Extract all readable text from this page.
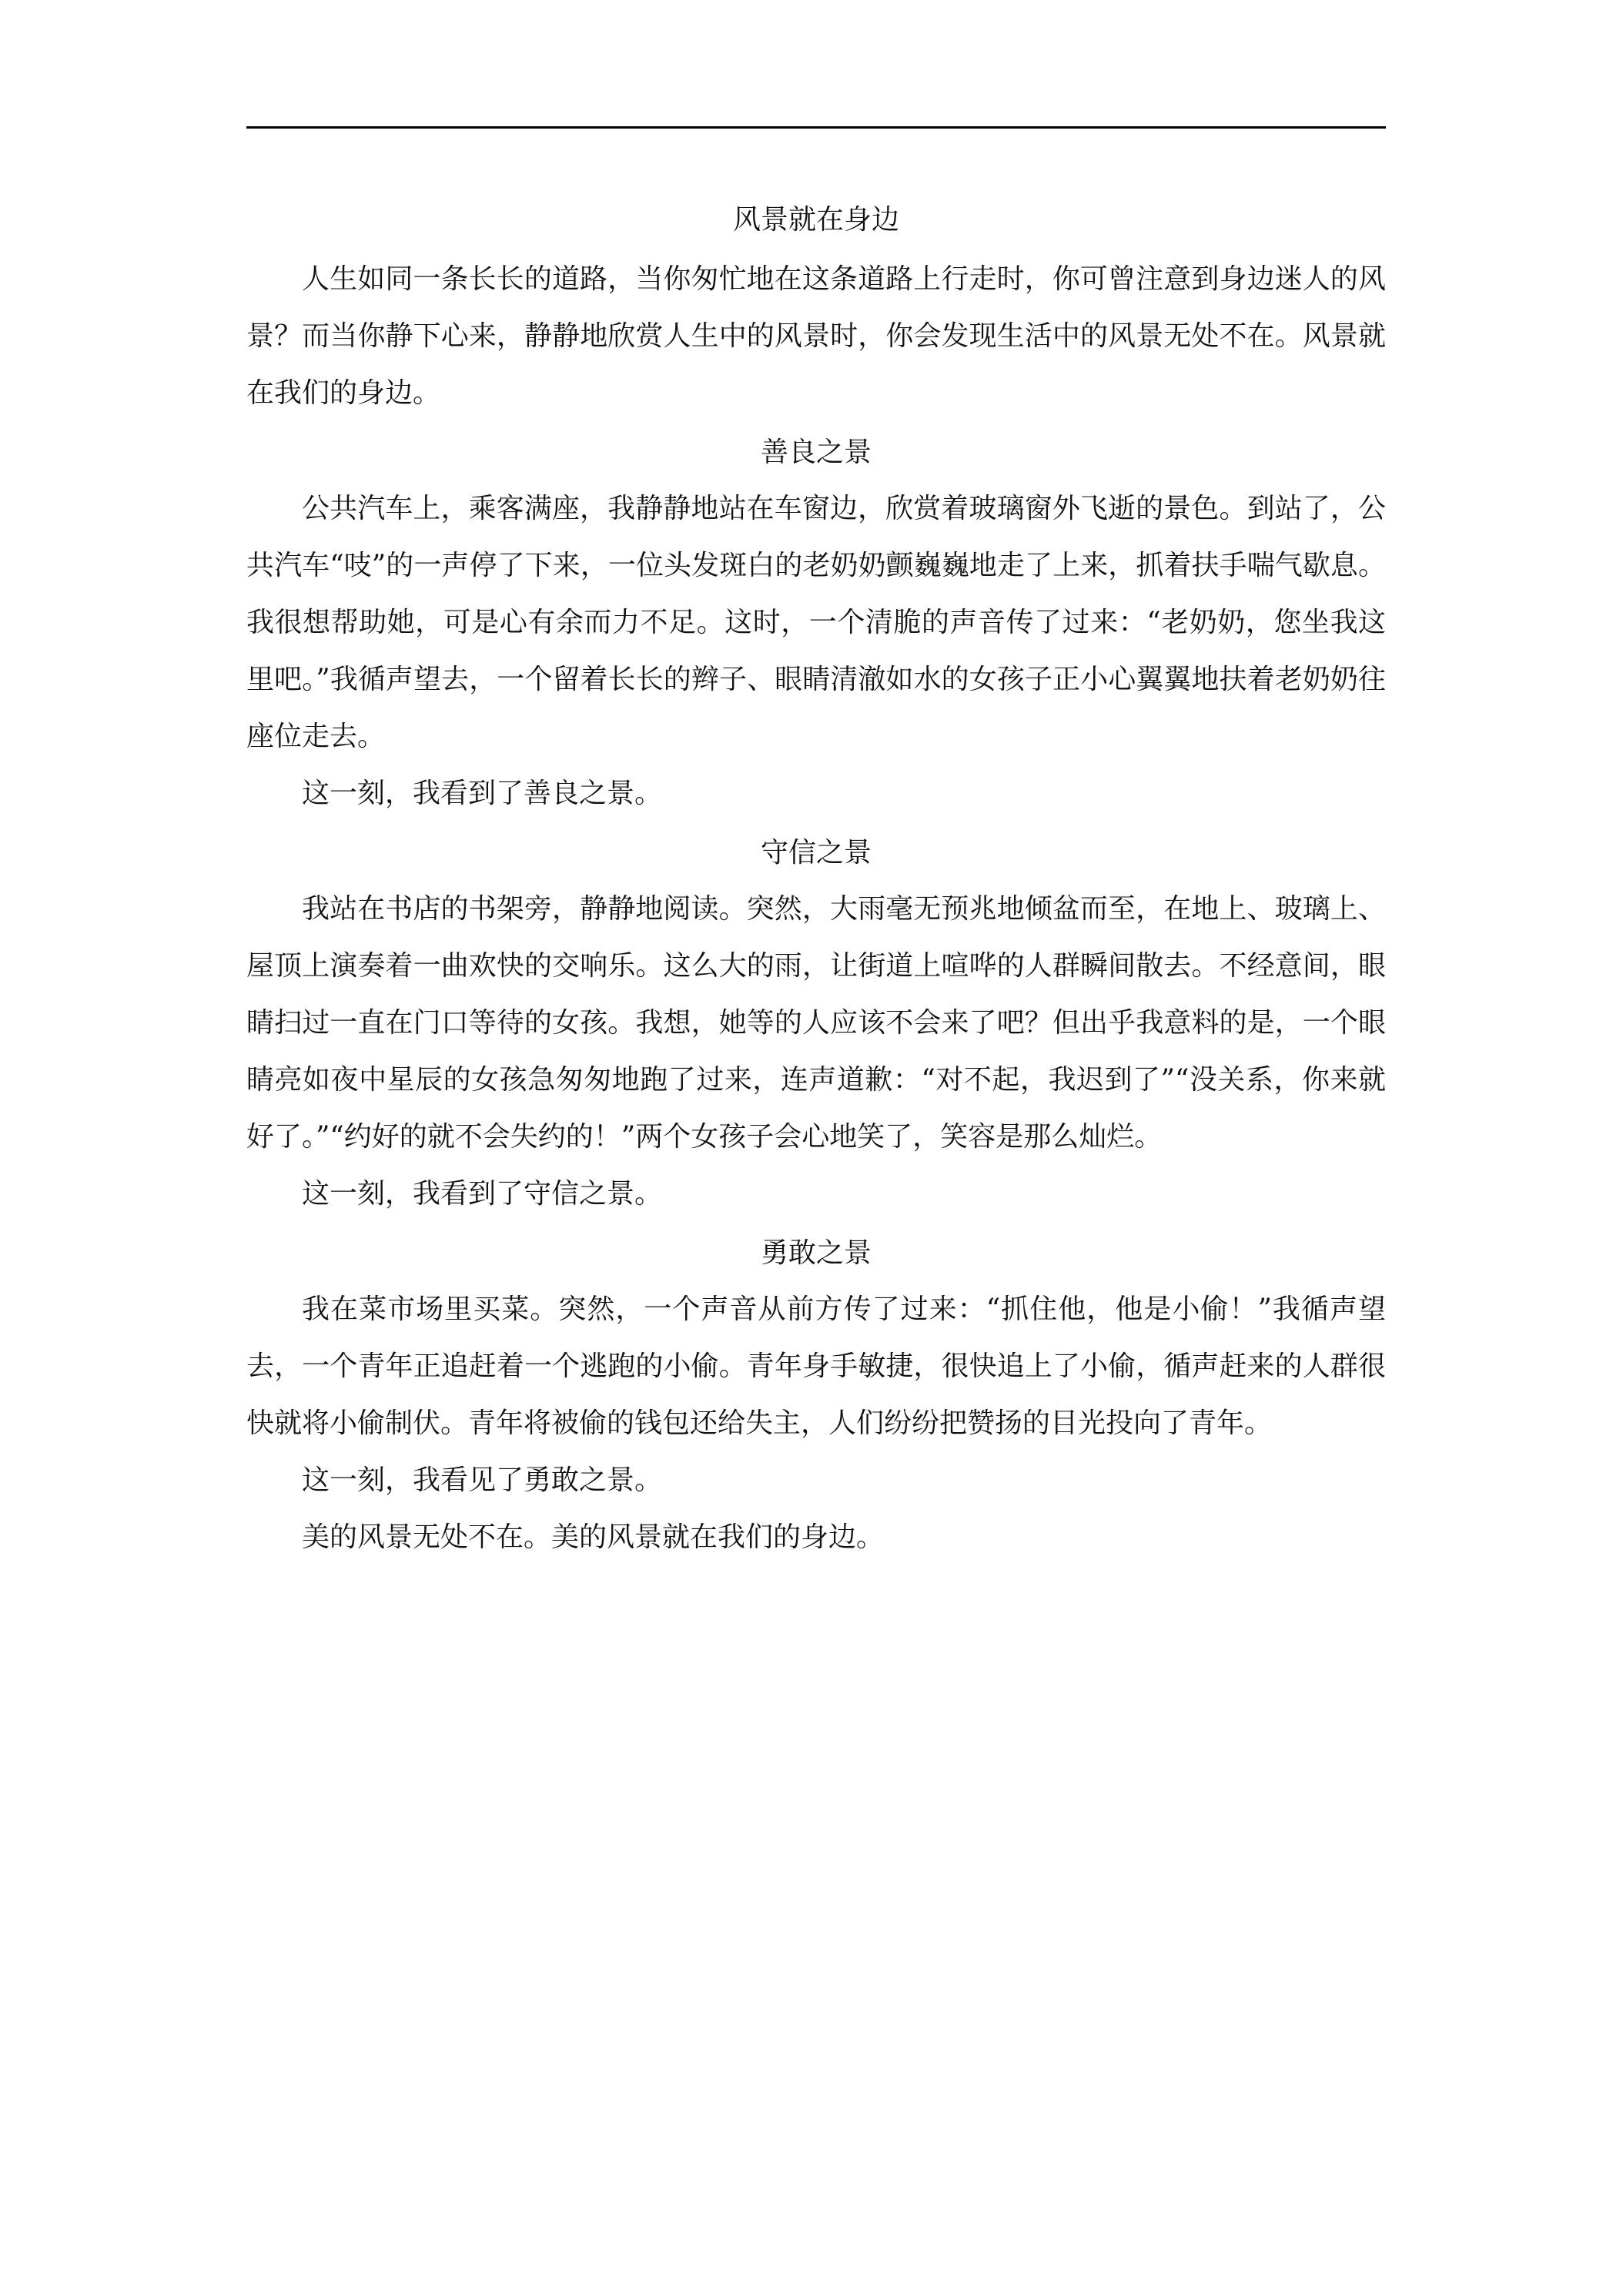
风景就在身边

人生如同一条长长的道路，当你匆忙地在这条道路上行走时，你可曾注意到身边迷人的风景？而当你静下心来，静静地欣赏人生中的风景时，你会发现生活中的风景无处不在。风景就在我们的身边。

善良之景

公共汽车上，乘客满座，我静静地站在车窗边，欣赏着玻璃窗外飞逝的景色。到站了，公共汽车“吱”的一声停了下来，一位头发斑白的老奶奶颤巍巍地走了上来，抓着扶手喘气歇息。我很想帮助她，可是心有余而力不足。这时，一个清脆的声音传了过来：“老奶奶，您坐我这里吧。”我循声望去，一个留着长长的辫子、眼睛清澈如水的女孩子正小心翼翼地扶着老奶奶往座位走去。

这一刻，我看到了善良之景。

守信之景

我站在书店的书架旁，静静地阅读。突然，大雨毫无预兆地倾盆而至，在地上、玻璃上、屋顶上演奏着一曲欢快的交响乐。这么大的雨，让街道上喧哗的人群瞬间散去。不经意间，眼睛扫过一直在门口等待的女孩。我想，她等的人应该不会来了吧？但出乎我意料的是，一个眼睛亮如夜中星辰的女孩急匆匆地跑了过来，连声道歉：“对不起，我迟到了”“没关系，你来就好了。”“约好的就不会失约的！”两个女孩子会心地笑了，笑容是那么灿烂。

这一刻，我看到了守信之景。

勇敢之景

我在菜市场里买菜。突然，一个声音从前方传了过来：“抓住他，他是小偷！”我循声望去，一个青年正追赶着一个逃跑的小偷。青年身手敏捷，很快追上了小偷，循声赶来的人群很快就将小偷制伏。青年将被偷的钱包还给失主，人们纷纷把赞扬的目光投向了青年。

这一刻，我看见了勇敢之景。

美的风景无处不在。美的风景就在我们的身边。
